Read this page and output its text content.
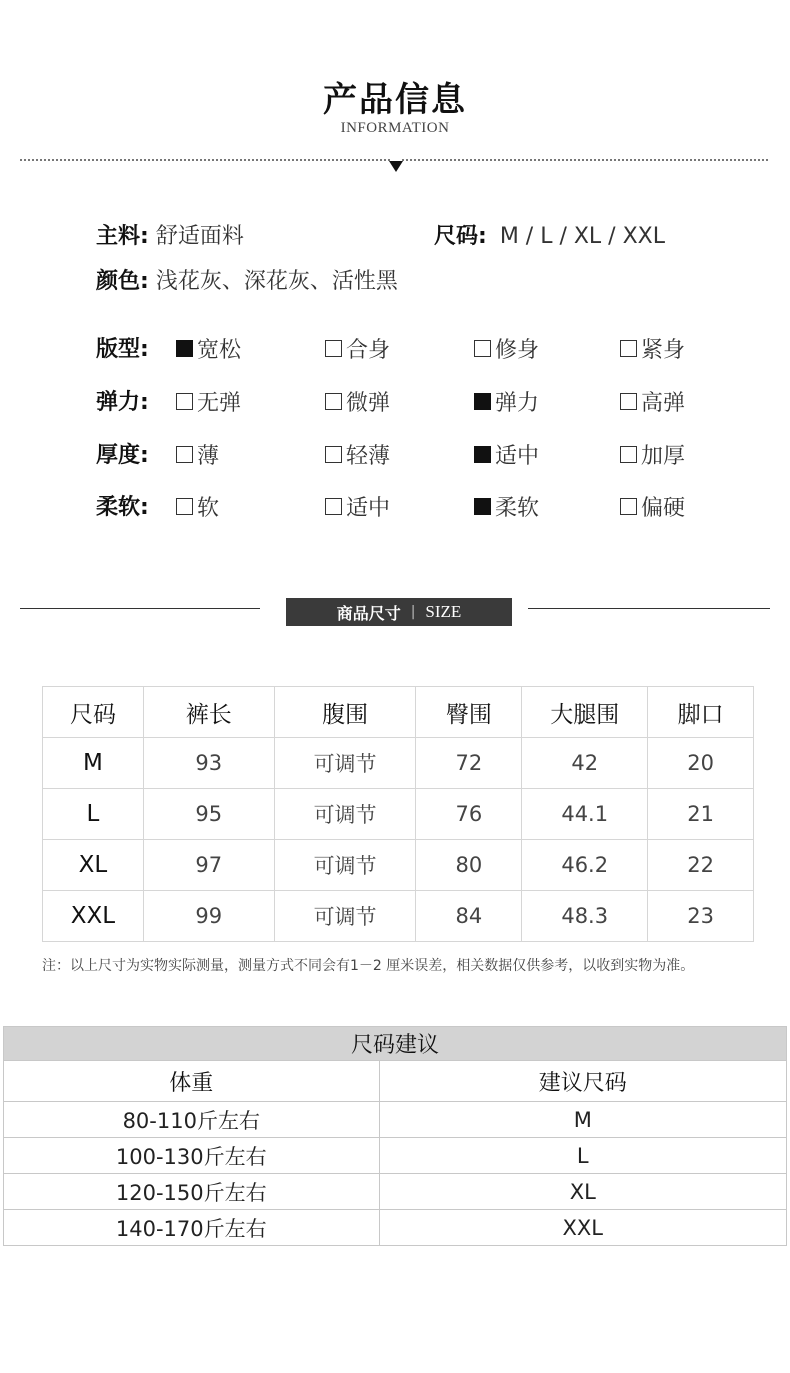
产品信息
INFORMATION
主料: 舒适面料	尺码: M / L / XL / XXL
颜色: 浅花灰、深花灰、活性黑
版型: 宽松	合身	修身	紧身
弹力: 无弹	微弹	弹力	高弹
厚度: 薄	轻薄	适中	加厚
柔软: 软	适中	柔软	偏硬
商品尺寸 | SIZE
尺码	裤长	腹围	臀围	大腿围	脚口
M	93	可调节	72	42	20
L	95	可调节	76	44.1	21
XL	97	可调节	80	46.2	22
XXL	99	可调节	84	48.3	23
注：以上尺寸为实物实际测量，测量方式不同会有1－2 厘米误差，相关数据仅供参考，以收到实物为准。
尺码建议	
体重	建议尺码
80-110斤左右	M
100-130斤左右	L
120-150斤左右	XL
140-170斤左右	XXL
